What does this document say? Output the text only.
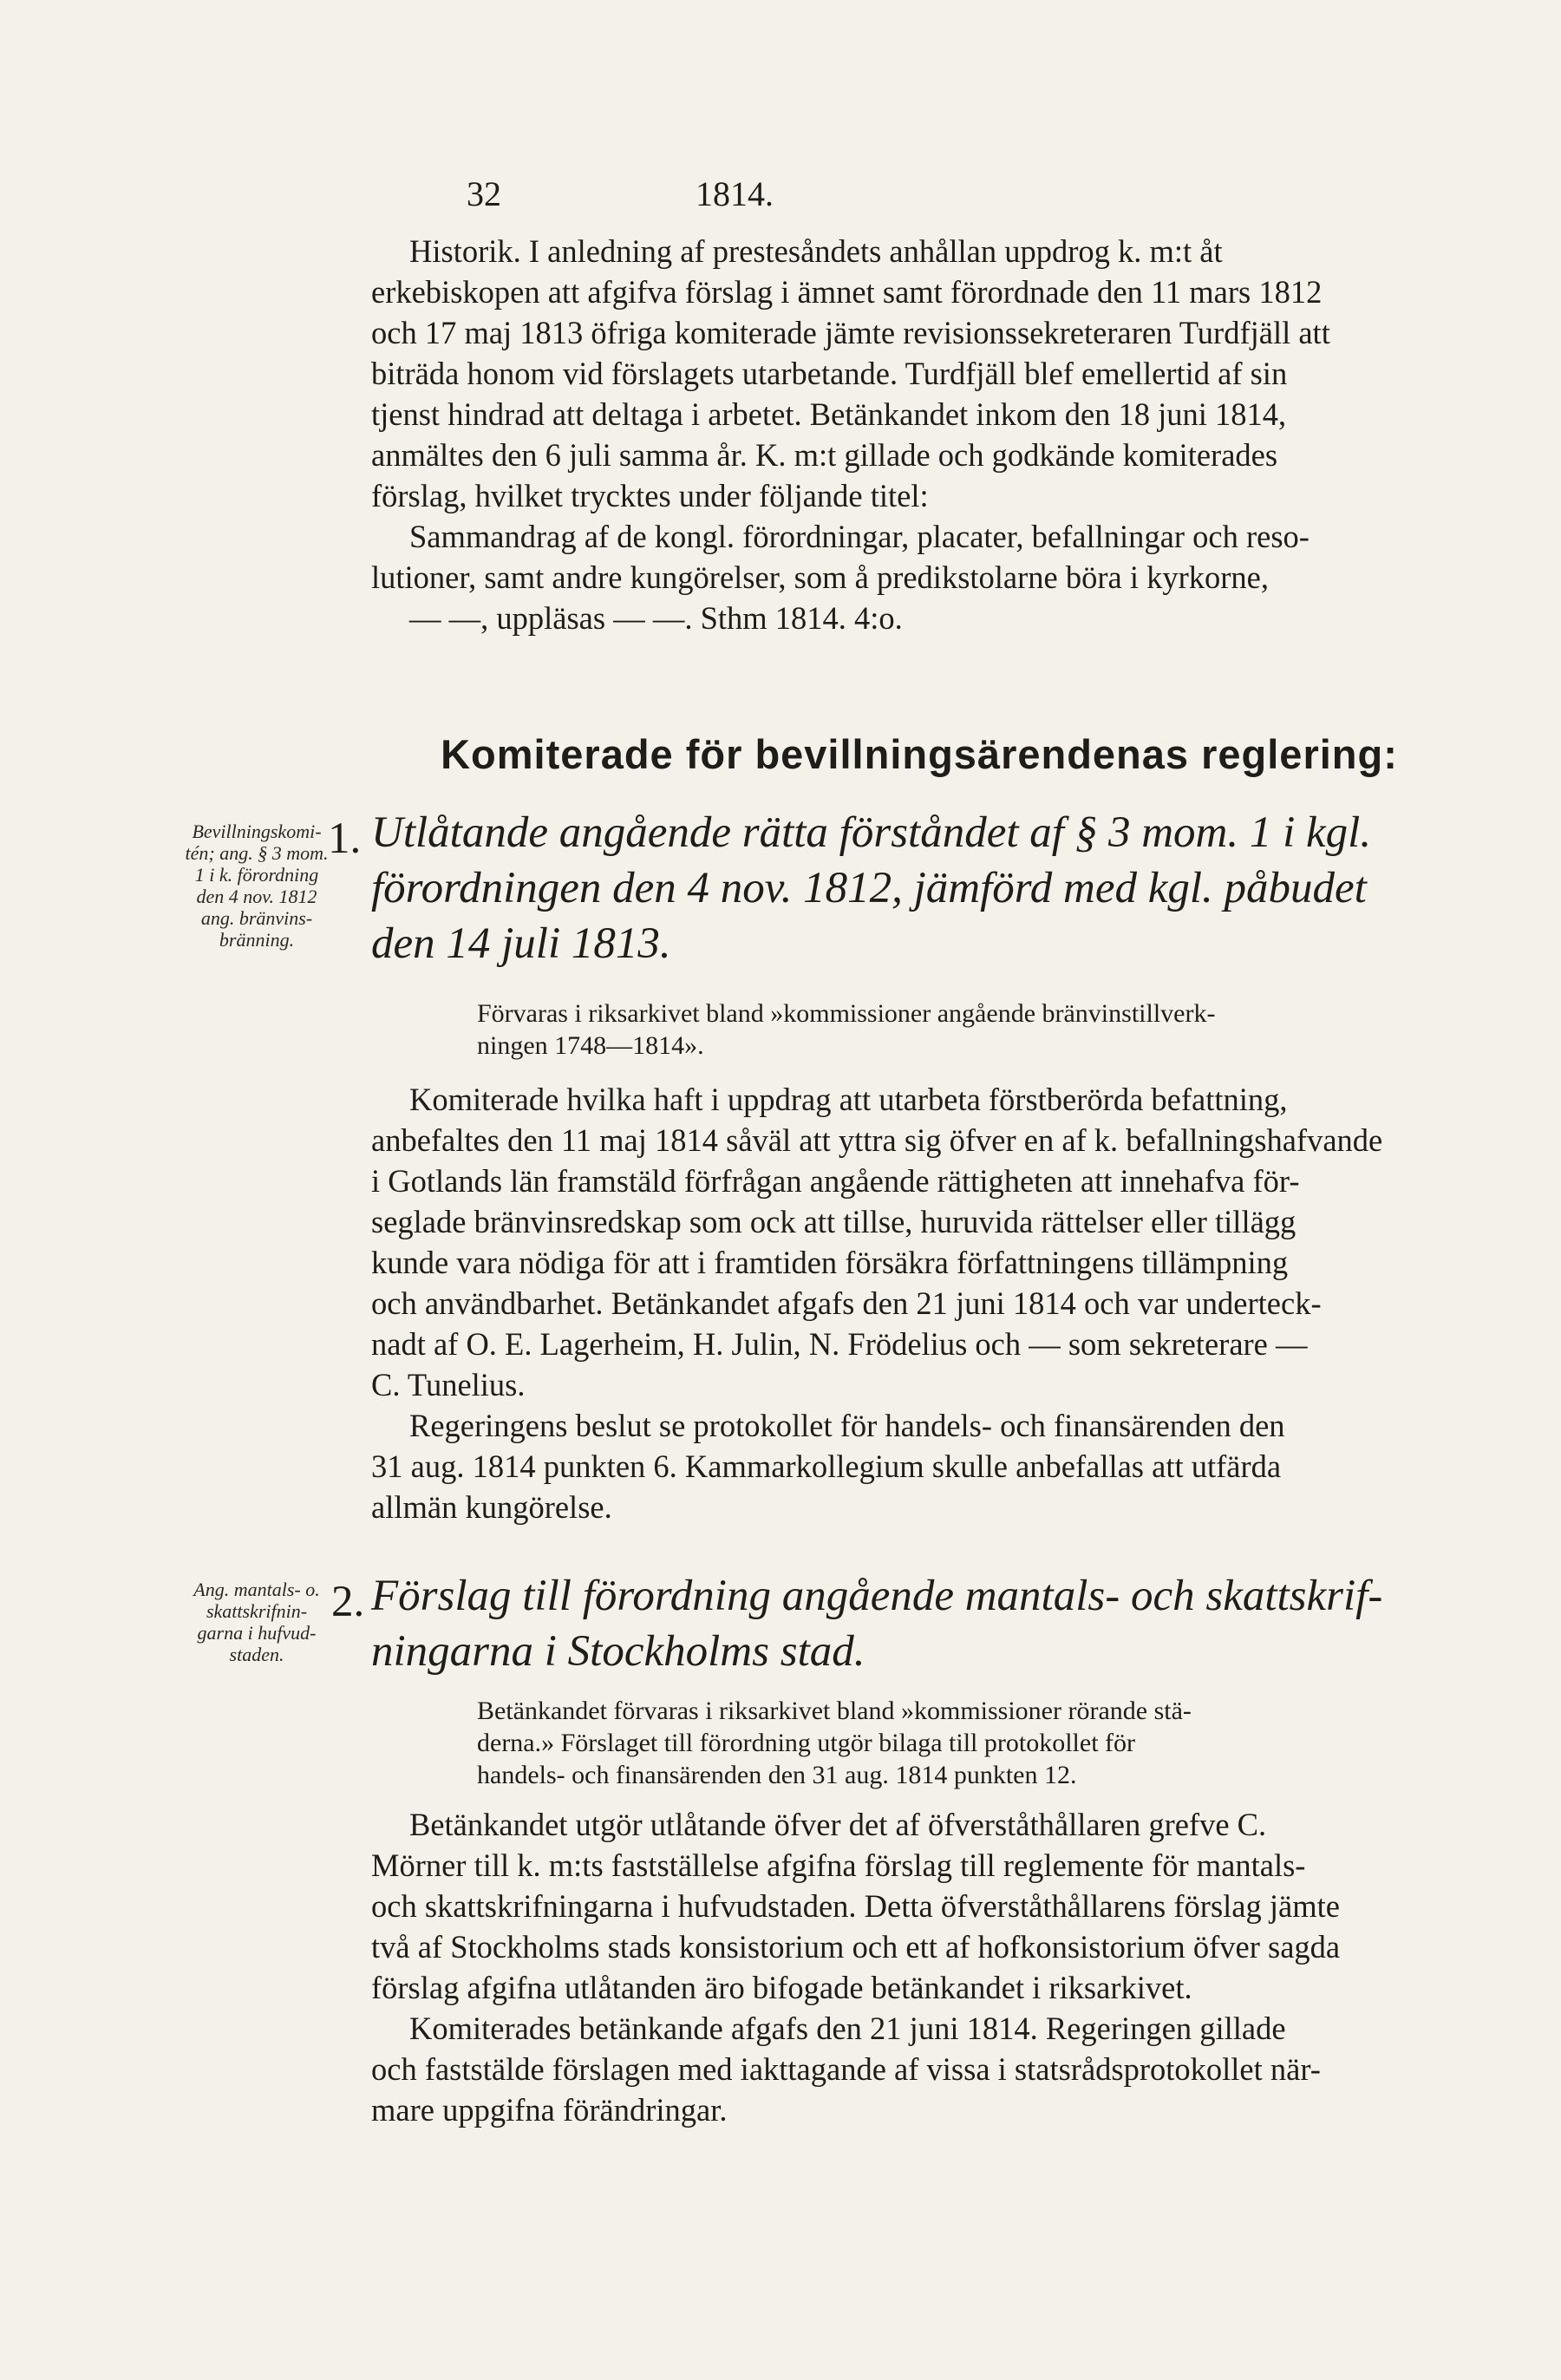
32	1814.
Historik. I anledning af prestesåndets anhållan uppdrog k. m:t åt
erkebiskopen att afgifva förslag i ämnet samt förordnade den 11 mars 1812
och 17 maj 1813 öfriga komiterade jämte revisionssekreteraren Turdfjäll att
biträda honom vid förslagets utarbetande. Turdfjäll blef emellertid af sin
tjenst hindrad att deltaga i arbetet. Betänkandet inkom den 18 juni 1814,
anmältes den 6 juli samma år. K. m:t gillade och godkände komiterades
förslag, hvilket trycktes under följande titel:
Sammandrag af de kongl. förordningar, placater, befallningar och reso-
lutioner, samt andre kungörelser, som å predikstolarne böra i kyrkorne,
— —, uppläsas — —. Sthm 1814. 4:o.
Komiterade för bevillningsärendenas reglering:
Bevillningskomi-
tén; ang. § 3 mom.
1 i k. förordning
den 4 nov. 1812
ang. bränvins-
bränning.
1. Utlåtande angående rätta förståndet af § 3 mom. 1 i kgl.
förordningen den 4 nov. 1812, jämförd med kgl. påbudet
den 14 juli 1813.
Förvaras i riksarkivet bland »kommissioner angående bränvinstillverk-
ningen 1748—1814».
Komiterade hvilka haft i uppdrag att utarbeta förstberörda befattning,
anbefaltes den 11 maj 1814 såväl att yttra sig öfver en af k. befallningshafvande
i Gotlands län framstäld förfrågan angående rättigheten att innehafva för-
seglade bränvinsredskap som ock att tillse, huruvida rättelser eller tillägg
kunde vara nödiga för att i framtiden försäkra författningens tillämpning
och användbarhet. Betänkandet afgafs den 21 juni 1814 och var underteck-
nadt af O. E. Lagerheim, H. Julin, N. Frödelius och — som sekreterare —
C. Tunelius.
Regeringens beslut se protokollet för handels- och finansärenden den
31 aug. 1814 punkten 6. Kammarkollegium skulle anbefallas att utfärda
allmän kungörelse.
Ang. mantals- o.
skattskrifnin-
garna i hufvud-
staden.
2. Förslag till förordning angående mantals- och skattskrif-
ningarna i Stockholms stad.
Betänkandet förvaras i riksarkivet bland »kommissioner rörande stä-
derna.» Förslaget till förordning utgör bilaga till protokollet för
handels- och finansärenden den 31 aug. 1814 punkten 12.
Betänkandet utgör utlåtande öfver det af öfverståthållaren grefve C.
Mörner till k. m:ts fastställelse afgifna förslag till reglemente för mantals-
och skattskrifningarna i hufvudstaden. Detta öfverståthållarens förslag jämte
två af Stockholms stads konsistorium och ett af hofkonsistorium öfver sagda
förslag afgifna utlåtanden äro bifogade betänkandet i riksarkivet.
Komiterades betänkande afgafs den 21 juni 1814. Regeringen gillade
och faststälde förslagen med iakttagande af vissa i statsrådsprotokollet när-
mare uppgifna förändringar.
